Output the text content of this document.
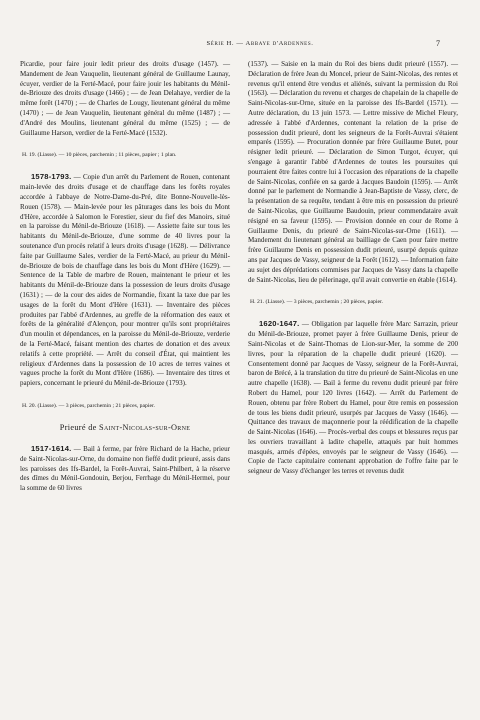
Série H. — Abbaye d'Ardennes.	7

Picardie, pour faire jouir ledit prieur des droits d'usage (1457). — Mandement de Jean Vauquelin, lieutenant général de Guillaume Launay, écuyer, verdier de la Ferté-Macé, pour faire jouir les habitants du Ménil-de-Briouze des droits d'usage (1466) ; — de Jean Delahaye, verdier de la même forêt (1470) ; — de Charles de Lougy, lieutenant général du même (1470) ; — de Jean Vauquelin, lieutenant général du même (1487) ; — d'André des Moulins, lieutenant général du même (1525) ; — de Guillaume Harson, verdier de la Ferté-Macé (1532).

H. 19. (Liasse). — 10 pièces, parchemin ; 11 pièces, papier ; 1 plan.

1578-1793. — Copie d'un arrêt du Parlement de Rouen, contenant main-levée des droits d'usage et de chauffage dans les forêts royales accordée à l'abbaye de Notre-Dame-du-Pré, dite Bonne-Nouvelle-lès-Rouen (1578). — Main-levée pour les pâturages dans les bois du Mont d'Hère, accordée à Salomon le Forestier, sieur du fief des Manoirs, situé en la paroisse du Ménil-de-Briouze (1618). — Assiette faite sur tous les habitants du Ménil-de-Briouze, d'une somme de 40 livres pour la soutenance d'un procès relatif à leurs droits d'usage (1628). — Délivrance faite par Guillaume Sales, verdier de la Ferté-Macé, au prieur du Ménil-de-Briouze de bois de chauffage dans les bois du Mont d'Hère (1629). — Sentence de la Table de marbre de Rouen, maintenant le prieur et les habitants du Ménil-de-Briouze dans la possession de leurs droits d'usage (1631) ; — de la cour des aides de Normandie, fixant la taxe due par les usages de la forêt du Mont d'Hère (1631). — Inventaire des pièces produites par l'abbé d'Ardennes, au greffe de la réformation des eaux et forêts de la généralité d'Alençon, pour montrer qu'ils sont propriétaires d'un moulin et dépendances, en la paroisse du Ménil-de-Briouze, verderie de la Ferté-Macé, faisant mention des chartes de donation et des aveux relatifs à cette propriété. — Arrêt du conseil d'État, qui maintient les religieux d'Ardennes dans la possession de 10 acres de terres vaines et vagues proche la forêt du Mont d'Hère (1686). — Inventaire des titres et papiers, concernant le prieuré du Ménil-de-Briouze (1793).

H. 20. (Liasse). — 3 pièces, parchemin ; 21 pièces, papier.

Prieuré de Saint-Nicolas-sur-Orne

1517-1614. — Bail à ferme, par frère Richard de la Hache, prieur de Saint-Nicolas-sur-Orne, du domaine non fieffé dudit prieuré, assis dans les paroisses des Ifs-Bardel, la Forêt-Auvrai, Saint-Philbert, à la réserve des dîmes du Ménil-Gondouin, Berjou, Ferrhage du Ménil-Hermei, pour la somme de 60 livres

(1537). — Saisie en la main du Roi des biens dudit prieuré (1557). — Déclaration de frère Jean du Moncel, prieur de Saint-Nicolas, des rentes et revenus qu'il entend être vendus et aliénés, suivant la permission du Roi (1563). — Déclaration du revenu et charges de chapelain de la chapelle de Saint-Nicolas-sur-Orne, située en la paroisse des Ifs-Bardel (1571). — Autre déclaration, du 13 juin 1573. — Lettre missive de Michel Fleury, adressée à l'abbé d'Ardennes, contenant la relation de la prise de possession dudit prieuré, dont les seigneurs de la Forêt-Auvrai s'étaient emparés (1595). — Procuration donnée par frère Guillaume Butet, pour résigner ledit prieuré. — Déclaration de Simon Turgot, écuyer, qui s'engage à garantir l'abbé d'Ardennes de toutes les poursuites qui pourraient être faites contre lui à l'occasion des réparations de la chapelle de Saint-Nicolas, confiée en sa garde à Jacques Baudoin (1595). — Arrêt donné par le parlement de Normandie à Jean-Baptiste de Vassy, clerc, de la présentation de sa requête, tendant à être mis en possession du prieuré de Saint-Nicolas, que Guillaume Baudouin, prieur commendataire avait résigné en sa faveur (1595). — Provision donnée en cour de Rome à Guillaume Denis, du prieuré de Saint-Nicolas-sur-Orne (1611). — Mandement du lieutenant général au bailliage de Caen pour faire mettre frère Guillaume Denis en possession dudit prieuré, usurpé depuis quinze ans par Jacques de Vassy, seigneur de la Forêt (1612). — Information faite au sujet des déprédations commises par Jacques de Vassy dans la chapelle de Saint-Nicolas, lieu de pèlerinage, qu'il avait convertie en étable (1614).

H. 21. (Liasse). — 3 pièces, parchemin ; 20 pièces, papier.

1620-1647. — Obligation par laquelle frère Marc Sarrazin, prieur du Ménil-de-Briouze, promet payer à frère Guillaume Denis, prieur de Saint-Nicolas et de Saint-Thomas de Lion-sur-Mer, la somme de 200 livres, pour la réparation de la chapelle dudit prieuré (1620). — Consentement donné par Jacques de Vassy, seigneur de la Forêt-Auvrai, baron de Brécé, à la translation du titre du prieuré de Saint-Nicolas en une autre chapelle (1638). — Bail à ferme du revenu dudit prieuré par frère Robert du Hamel, pour 120 livres (1642). — Arrêt du Parlement de Rouen, obtenu par frère Robert du Hamel, pour être remis en possession de tous les biens dudit prieuré, usurpés par Jacques de Vassy (1646). — Quittance des travaux de maçonnerie pour la réédification de la chapelle de Saint-Nicolas (1646). — Procès-verbal des coups et blessures reçus par les ouvriers travaillant à ladite chapelle, attaqués par huit hommes masqués, armés d'épées, envoyés par le seigneur de Vassy (1646). — Copie de l'acte capitulaire contenant approbation de l'offre faite par le seigneur de Vassy d'échanger les terres et revenus dudit
